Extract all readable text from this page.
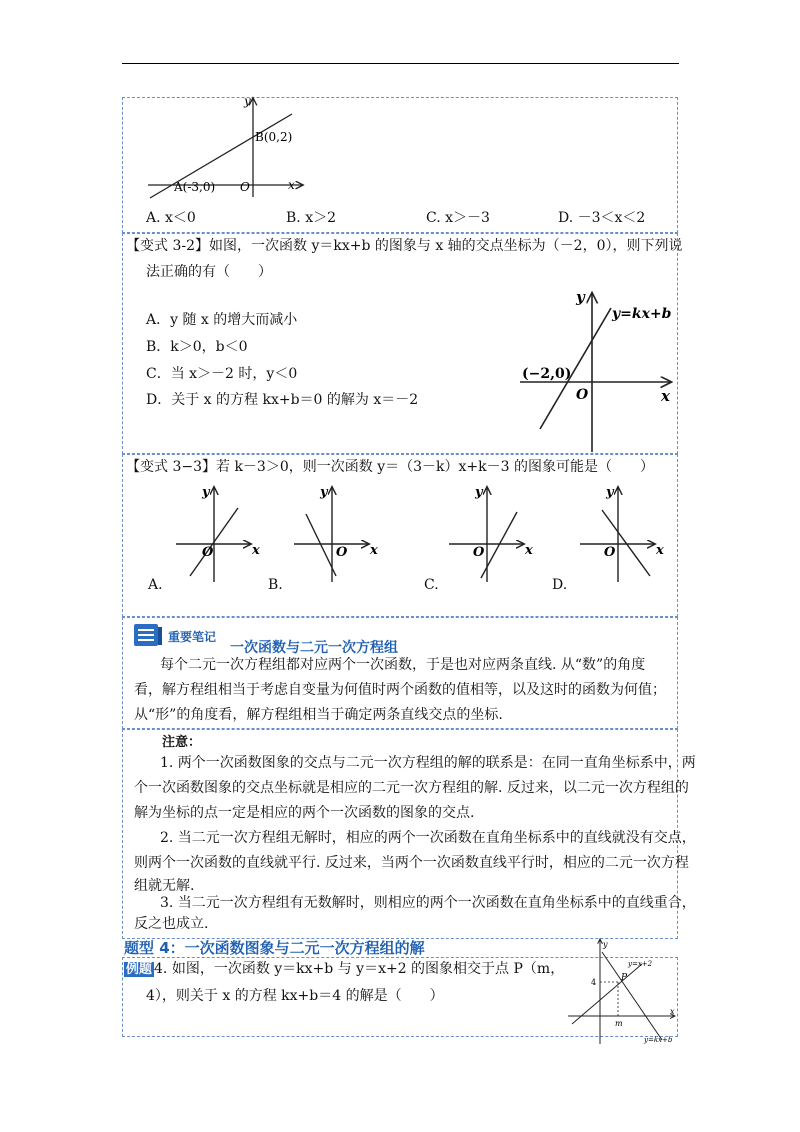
y
x
O
B(0,2)
A(-3,0)
A. x＜0	B. x＞2	C. x＞－3	D. －3＜x＜2
【变式 3-2】如图，一次函数 y＝kx+b 的图象与 x 轴的交点坐标为（－2，0），则下列说
法正确的有（　　）
A．y 随 x 的增大而减小
B．k＞0，b＜0
C．当 x＞－2 时，y＜0
D．关于 x 的方程 kx+b＝0 的解为 x＝－2
y
x
O
y=kx+b
(−2,0)
【变式 3−3】若 k－3＞0，则一次函数 y＝（3－k）x+k－3 的图象可能是（　　）
y
x
O
A.
y
x
O
B.
y
x
O
C.
y
x
O
D.
重要笔记
一次函数与二元一次方程组
每个二元一次方程组都对应两个一次函数，于是也对应两条直线. 从“数”的角度
看，解方程组相当于考虑自变量为何值时两个函数的值相等，以及这时的函数为何值；
从“形”的角度看，解方程组相当于确定两条直线交点的坐标.
注意：
1. 两个一次函数图象的交点与二元一次方程组的解的联系是：在同一直角坐标系中，两
个一次函数图象的交点坐标就是相应的二元一次方程组的解. 反过来，以二元一次方程组的
解为坐标的点一定是相应的两个一次函数的图象的交点.
2. 当二元一次方程组无解时，相应的两个一次函数在直角坐标系中的直线就没有交点，
则两个一次函数的直线就平行. 反过来，当两个一次函数直线平行时，相应的二元一次方程
组就无解.
3. 当二元一次方程组有无数解时，则相应的两个一次函数在直角坐标系中的直线重合，
反之也成立.
题型 4：一次函数图象与二元一次方程组的解
例题 4. 如图，一次函数 y＝kx+b 与 y＝x+2 的图象相交于点 P（m，
4），则关于 x 的方程 kx+b＝4 的解是（　　）
y
x
4
m
P
y=x+2
y=kx+b
